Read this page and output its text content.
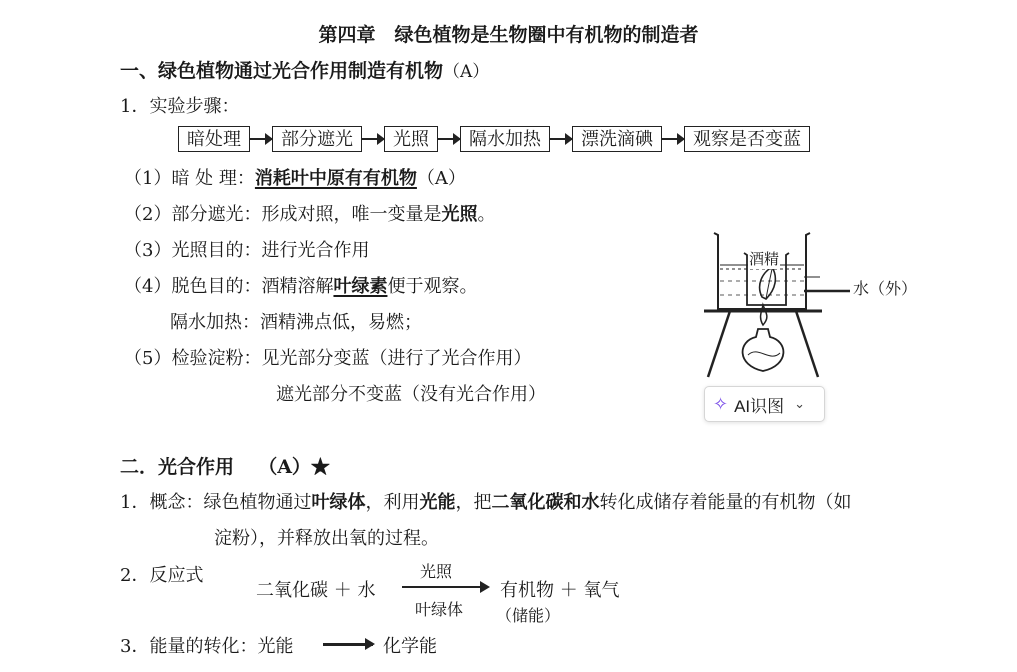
第四章　绿色植物是生物圈中有机物的制造者
一、绿色植物通过光合作用制造有机物（A）
1．实验步骤：
暗处理	部分遮光	光照	隔水加热	漂洗滴碘	观察是否变蓝
（1）暗 处 理：消耗叶中原有有机物（A）
（2）部分遮光：形成对照，唯一变量是光照。
（3）光照目的：进行光合作用
（4）脱色目的：酒精溶解叶绿素便于观察。
隔水加热：酒精沸点低，易燃；
（5）检验淀粉：见光部分变蓝（进行了光合作用）
遮光部分不变蓝（没有光合作用）
酒精
水（外）
✧ AI识图 ⌄
二．光合作用 （A）★
1．概念：绿色植物通过叶绿体，利用光能，把二氧化碳和水转化成储存着能量的有机物（如
淀粉），并释放出氧的过程。
2．反应式
二氧化碳 ＋ 水
光照
叶绿体
有机物 ＋ 氧气
（储能）
3．能量的转化：光能	化学能
